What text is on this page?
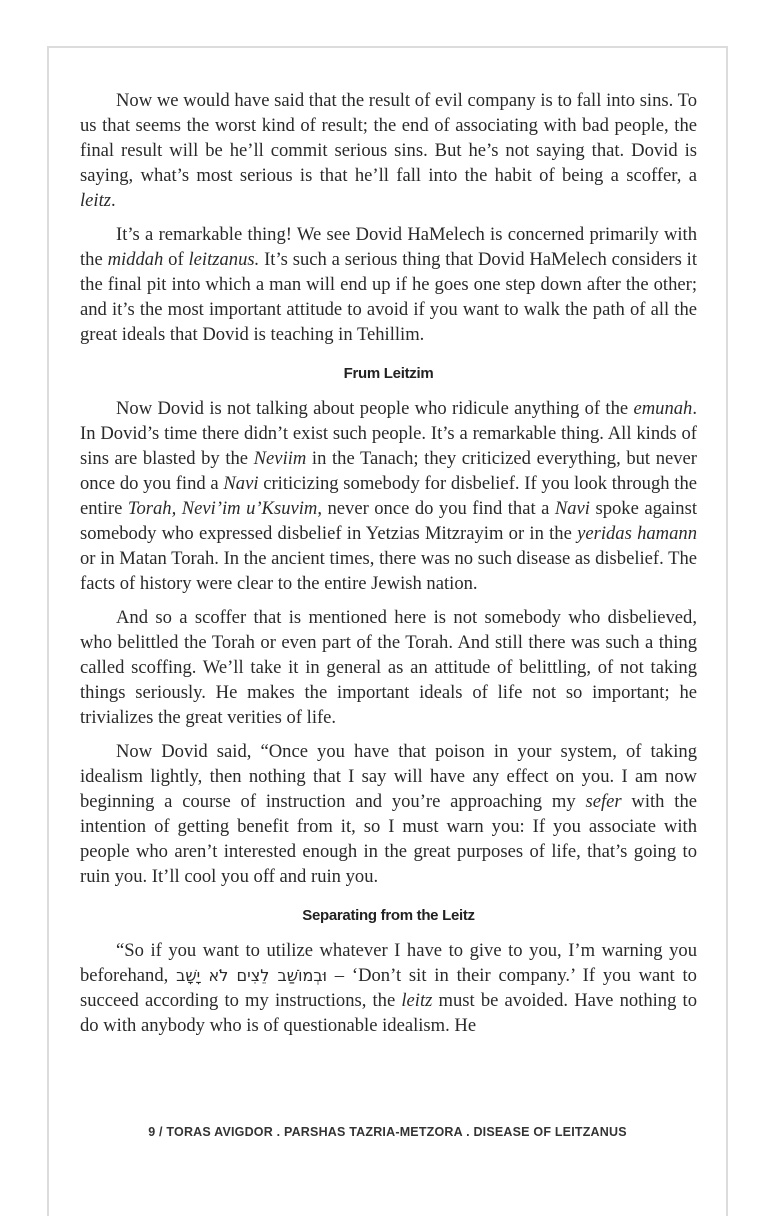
Now we would have said that the result of evil company is to fall into sins. To us that seems the worst kind of result; the end of associating with bad people, the final result will be he’ll commit serious sins. But he’s not saying that. Dovid is saying, what’s most serious is that he’ll fall into the habit of being a scoffer, a leitz.

It’s a remarkable thing! We see Dovid HaMelech is concerned primarily with the middah of leitzanus. It’s such a serious thing that Dovid HaMelech considers it the final pit into which a man will end up if he goes one step down after the other; and it’s the most important attitude to avoid if you want to walk the path of all the great ideals that Dovid is teaching in Tehillim.

Frum Leitzim

Now Dovid is not talking about people who ridicule anything of the emunah. In Dovid’s time there didn’t exist such people. It’s a remarkable thing. All kinds of sins are blasted by the Neviim in the Tanach; they criticized everything, but never once do you find a Navi criticizing somebody for disbelief. If you look through the entire Torah, Nevi’im u’Ksuvim, never once do you find that a Navi spoke against somebody who expressed disbelief in Yetzias Mitzrayim or in the yeridas hamann or in Matan Torah. In the ancient times, there was no such disease as disbelief. The facts of history were clear to the entire Jewish nation.

And so a scoffer that is mentioned here is not somebody who disbelieved, who belittled the Torah or even part of the Torah. And still there was such a thing called scoffing. We’ll take it in general as an attitude of belittling, of not taking things seriously. He makes the important ideals of life not so important; he trivializes the great verities of life.

Now Dovid said, “Once you have that poison in your system, of taking idealism lightly, then nothing that I say will have any effect on you. I am now beginning a course of instruction and you’re approaching my sefer with the intention of getting benefit from it, so I must warn you: If you associate with people who aren’t interested enough in the great purposes of life, that’s going to ruin you. It’ll cool you off and ruin you.

Separating from the Leitz

“So if you want to utilize whatever I have to give to you, I’m warning you beforehand, וּבְמוֹשַׁב לֵצִים לֹא יָשָׁב – ‘Don’t sit in their company.’ If you want to succeed according to my instructions, the leitz must be avoided. Have nothing to do with anybody who is of questionable idealism. He

9 / TORAS AVIGDOR . PARSHAS TAZRIA-METZORA . DISEASE OF LEITZANUS
